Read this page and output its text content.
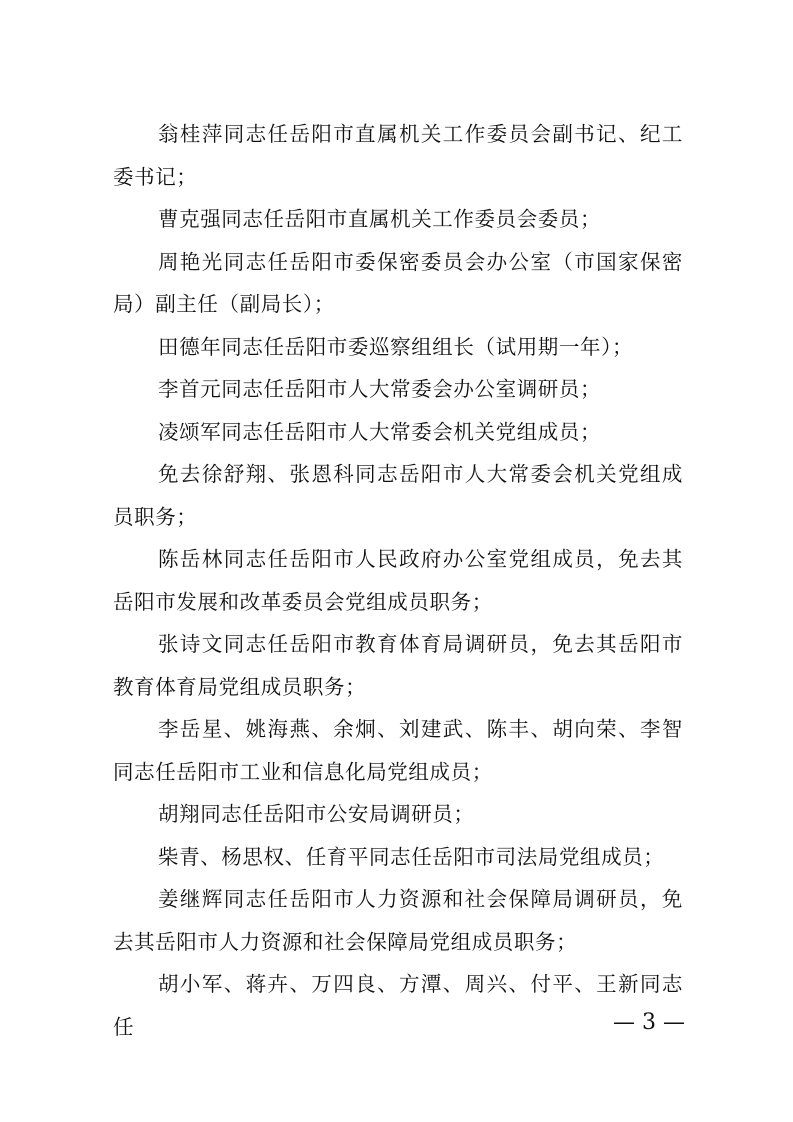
翁桂萍同志任岳阳市直属机关工作委员会副书记、纪工委书记；

曹克强同志任岳阳市直属机关工作委员会委员；

周艳光同志任岳阳市委保密委员会办公室（市国家保密局）副主任（副局长）；

田德年同志任岳阳市委巡察组组长（试用期一年）；

李首元同志任岳阳市人大常委会办公室调研员；

凌颂军同志任岳阳市人大常委会机关党组成员；

免去徐舒翔、张恩科同志岳阳市人大常委会机关党组成员职务；

陈岳林同志任岳阳市人民政府办公室党组成员，免去其岳阳市发展和改革委员会党组成员职务；

张诗文同志任岳阳市教育体育局调研员，免去其岳阳市教育体育局党组成员职务；

李岳星、姚海燕、余炯、刘建武、陈丰、胡向荣、李智同志任岳阳市工业和信息化局党组成员；

胡翔同志任岳阳市公安局调研员；

柴青、杨思权、任育平同志任岳阳市司法局党组成员；

姜继辉同志任岳阳市人力资源和社会保障局调研员，免去其岳阳市人力资源和社会保障局党组成员职务；

胡小军、蒋卉、万四良、方潭、周兴、付平、王新同志任	— 3 —
